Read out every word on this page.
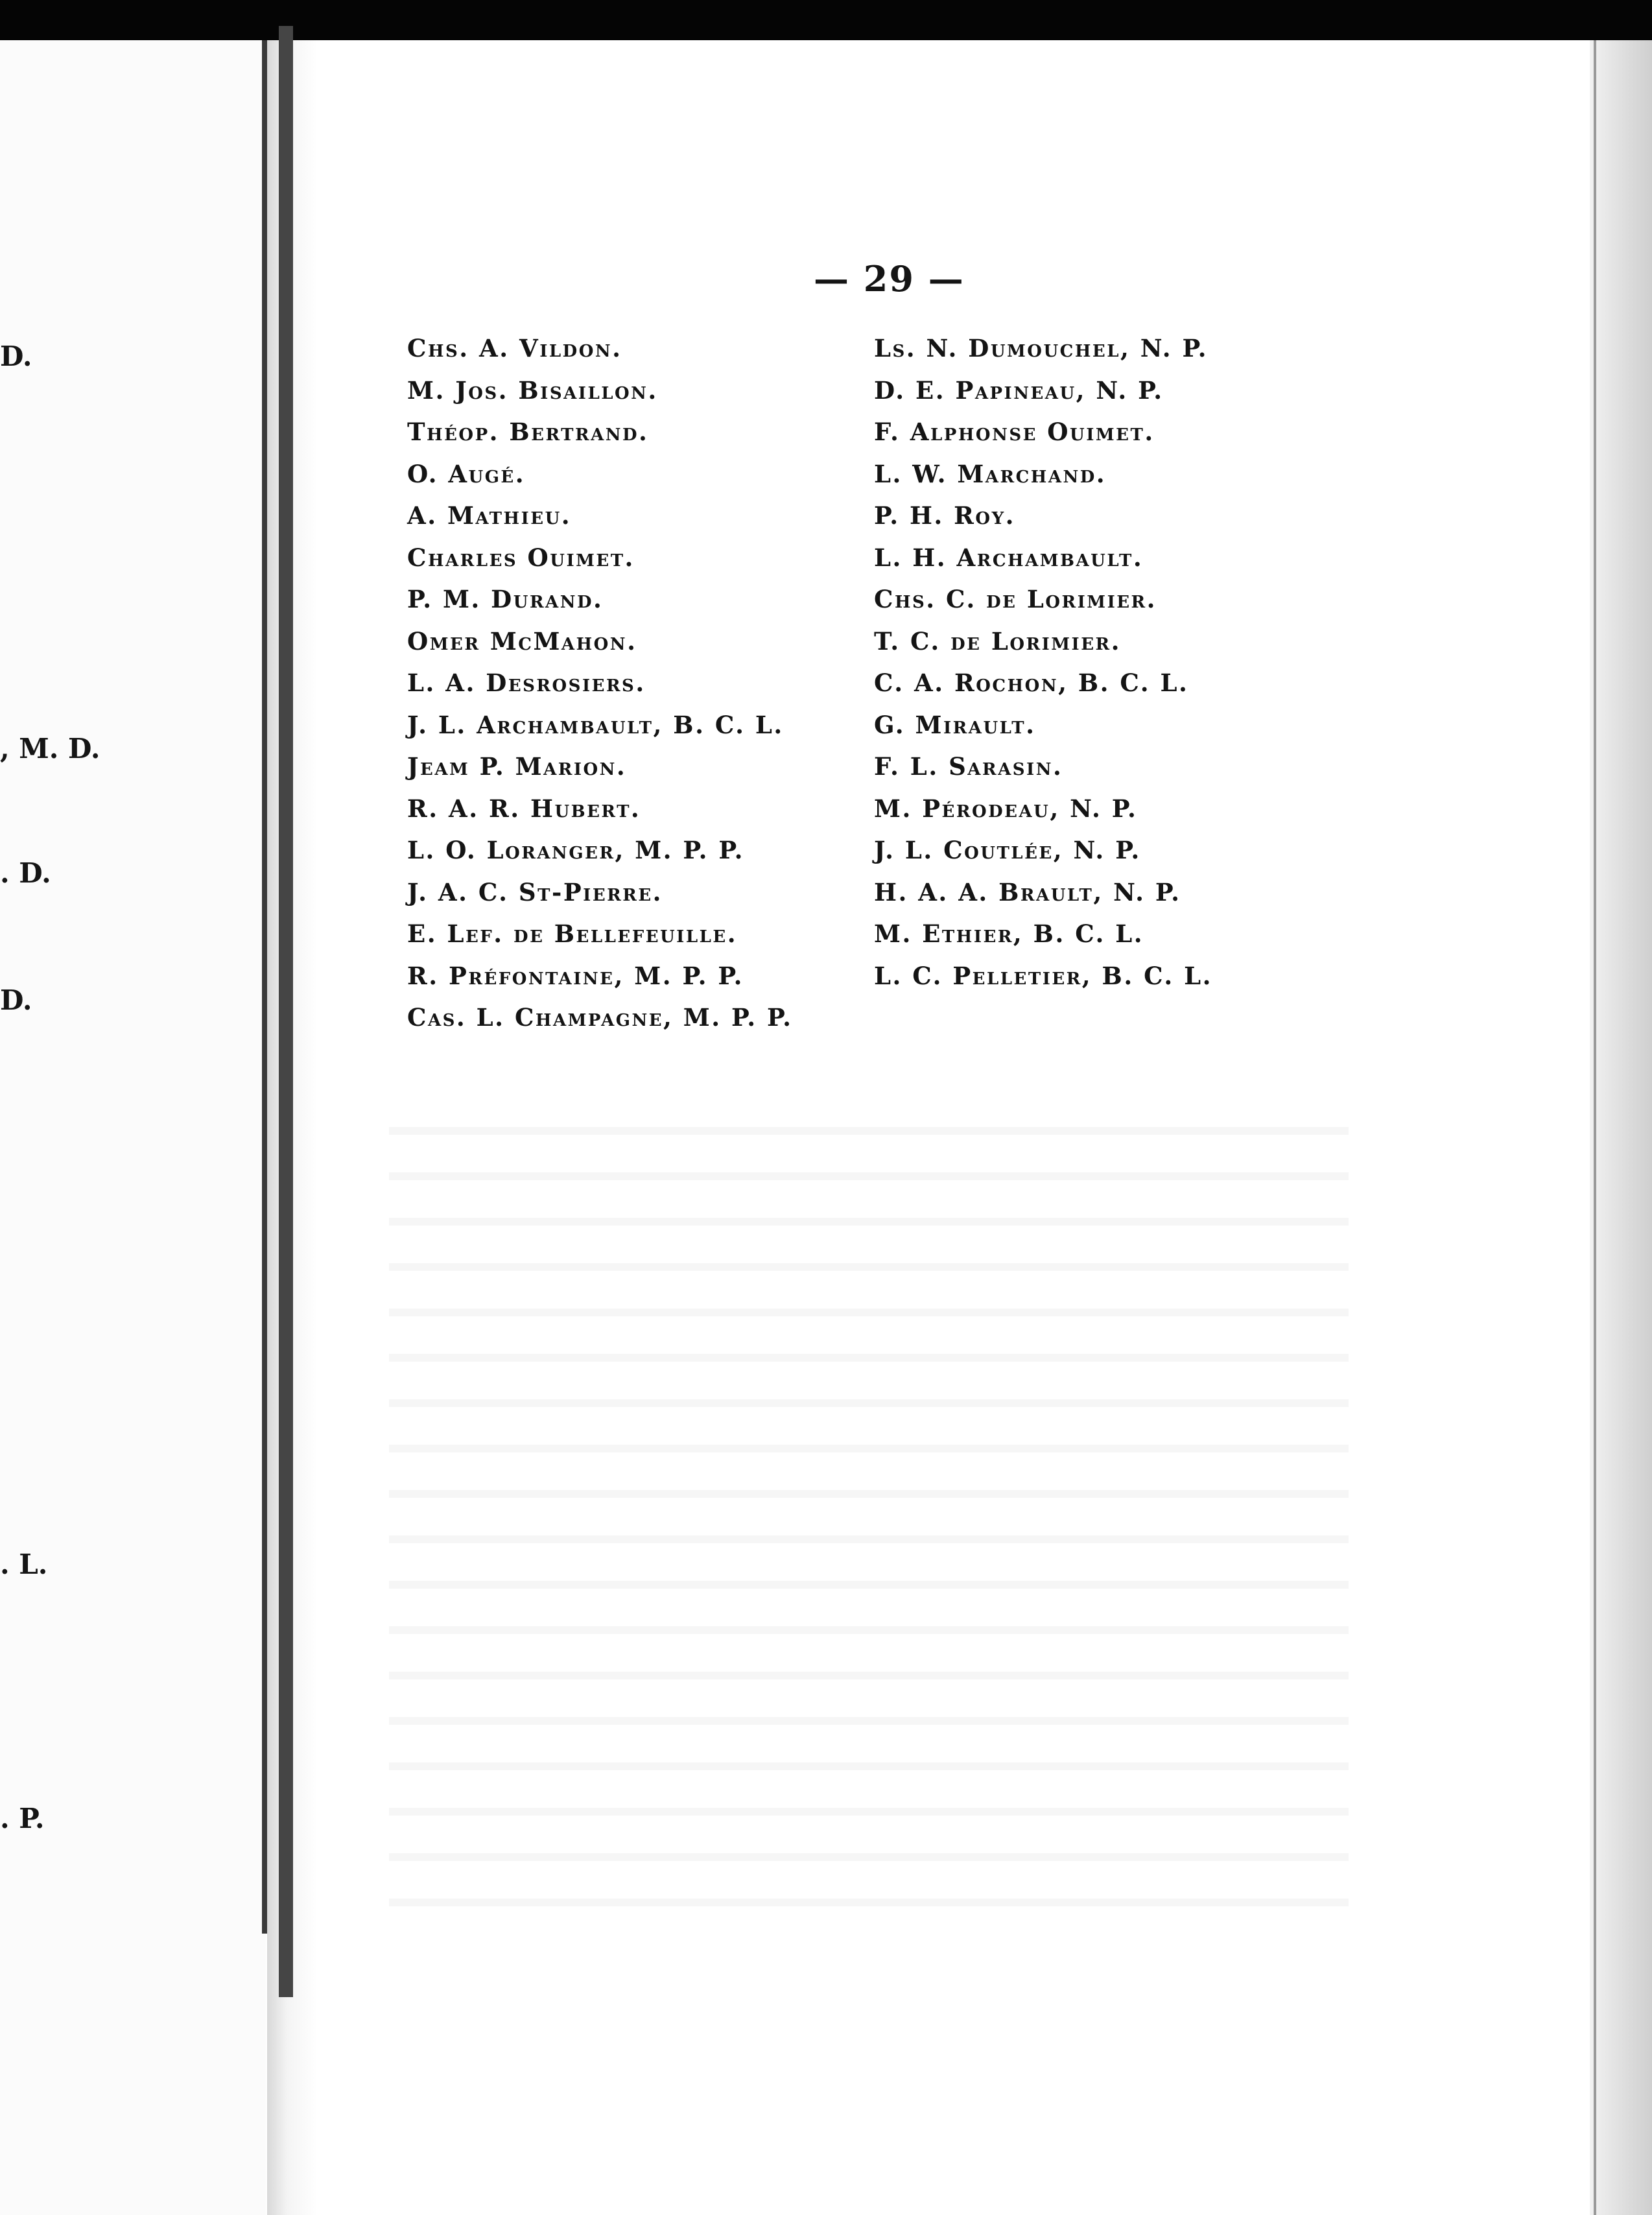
D.
, M. D.
. D.
D.
. L.
. P.
— 29 —
Chs. A. Vildon.
M. Jos. Bisaillon.
Théop. Bertrand.
O. Augé.
A. Mathieu.
Charles Ouimet.
P. M. Durand.
Omer McMahon.
L. A. Desrosiers.
J. L. Archambault, B. C. L.
Jeam P. Marion.
R. A. R. Hubert.
L. O. Loranger, M. P. P.
J. A. C. St-Pierre.
E. Lef. de Bellefeuille.
R. Préfontaine, M. P. P.
Cas. L. Champagne, M. P. P.
Ls. N. Dumouchel, N. P.
D. E. Papineau, N. P.
F. Alphonse Ouimet.
L. W. Marchand.
P. H. Roy.
L. H. Archambault.
Chs. C. de Lorimier.
T. C. de Lorimier.
C. A. Rochon, B. C. L.
G. Mirault.
F. L. Sarasin.
M. Pérodeau, N. P.
J. L. Coutlée, N. P.
H. A. A. Brault, N. P.
M. Ethier, B. C. L.
L. C. Pelletier, B. C. L.
